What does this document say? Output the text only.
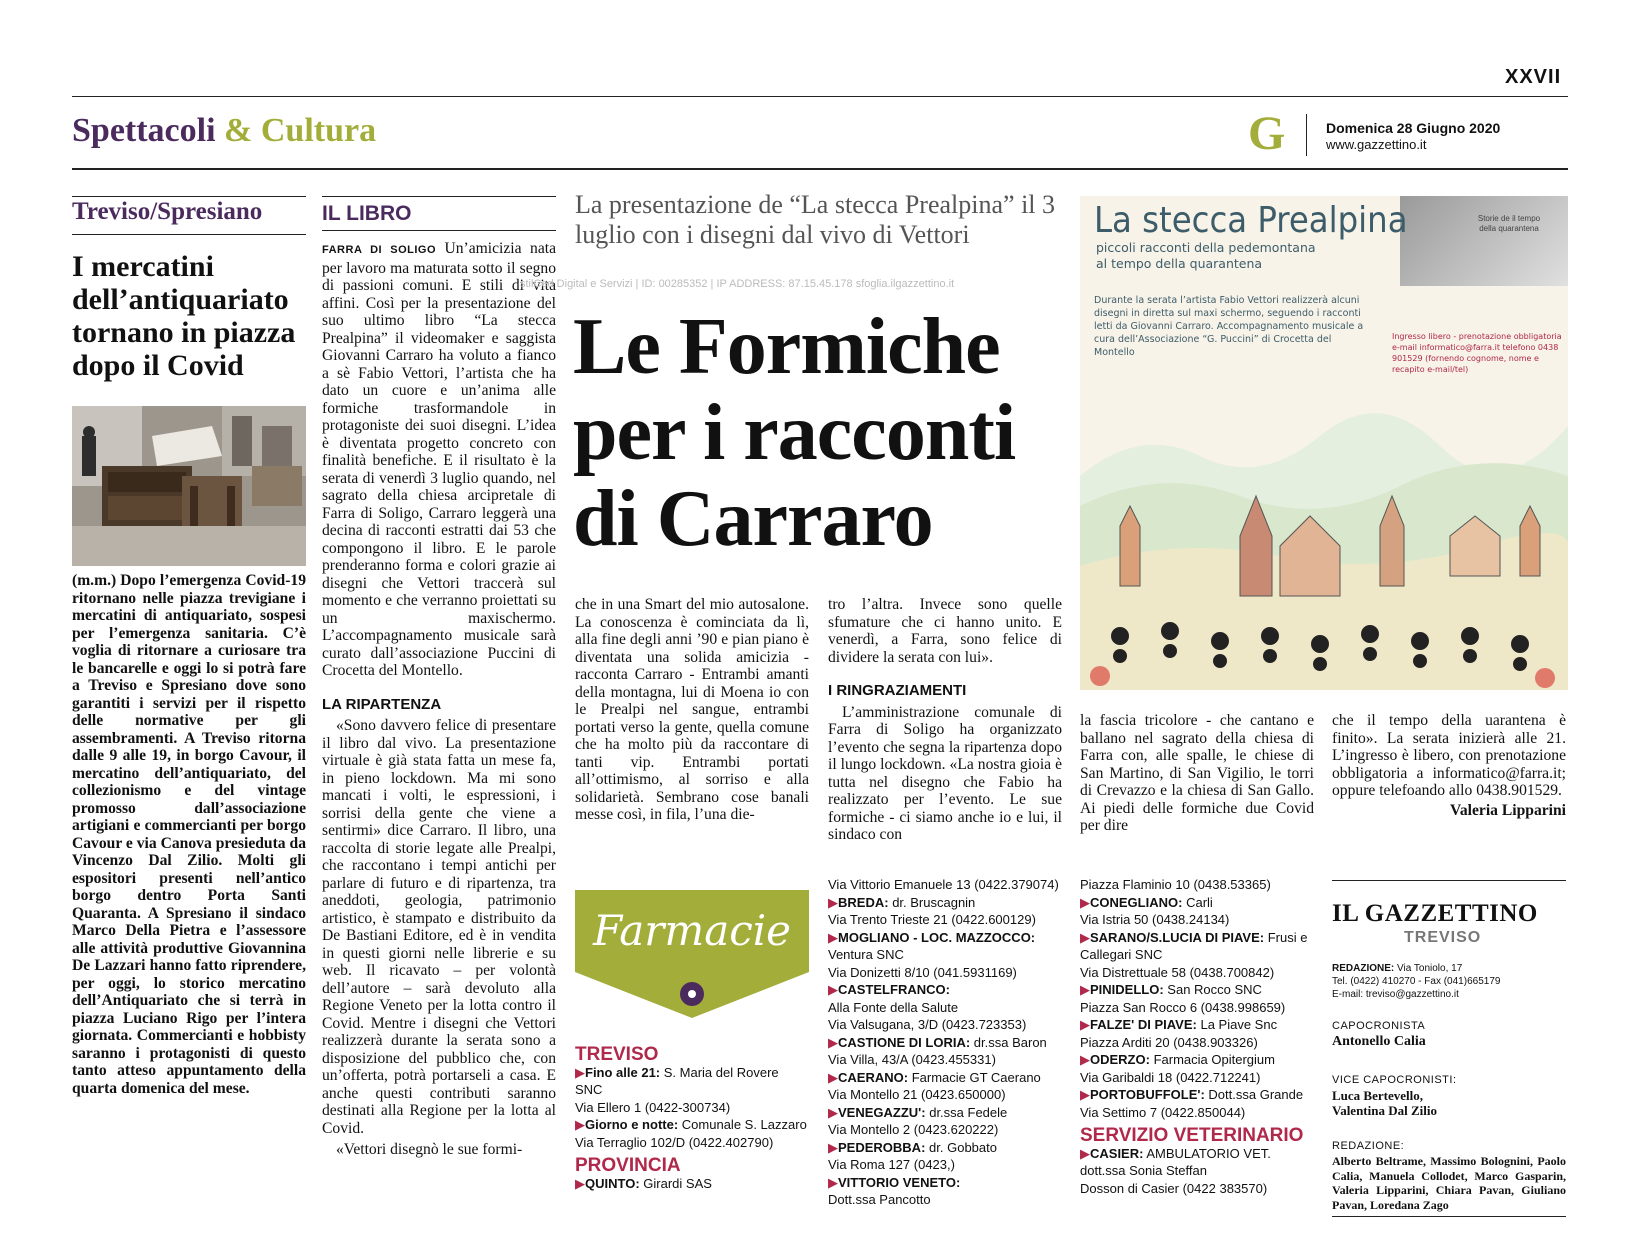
XXVII
Spettacoli & Cultura	G	Domenica 28 Giugno 2020
www.gazzettino.it
Treviso/Spresiano
I mercatini dell’antiquariato tornano in piazza dopo il Covid

(m.m.) Dopo l’emergenza Covid-19 ritornano nelle piazza trevigiane i mercatini di antiquariato, sospesi per l’emergenza sanitaria. C’è voglia di ritornare a curiosare tra le bancarelle e oggi lo si potrà fare a Treviso e Spresiano dove sono garantiti i servizi per il rispetto delle normative per gli assembramenti. A Treviso ritorna dalle 9 alle 19, in borgo Cavour, il mercatino dell’antiquariato, del collezionismo e del vintage promosso dall’associazione artigiani e commercianti per borgo Cavour e via Canova presieduta da Vincenzo Dal Zilio. Molti gli espositori presenti nell’antico borgo dentro Porta Santi Quaranta. A Spresiano il sindaco Marco Della Pietra e l’assessore alle attività produttive Giovannina De Lazzari hanno fatto riprendere, per oggi, lo storico mercatino dell’Antiquariato che si terrà in piazza Luciano Rigo per l’intera giornata. Commercianti e hobbisty saranno i protagonisti di questo tanto atteso appuntamento della quarta domenica del mese.

IL LIBRO

FARRA DI SOLIGO Un’amicizia nata per lavoro ma maturata sotto il segno di passioni comuni. E stili di vita affini. Così per la presentazione del suo ultimo libro “La stecca Prealpina” il videomaker e saggista Giovanni Carraro ha voluto a fianco a sè Fabio Vettori, l’artista che ha dato un cuore e un’anima alle formiche trasformandole in protagoniste dei suoi disegni. L’idea è diventata progetto concreto con finalità benefiche. E il risultato è la serata di venerdì 3 luglio quando, nel sagrato della chiesa arcipretale di Farra di Soligo, Carraro leggerà una decina di racconti estratti dai 53 che compongono il libro. E le parole prenderanno forma e colori grazie ai disegni che Vettori traccerà sul momento e che verranno proiettati su un maxischermo. L’accompagnamento musicale sarà curato dall’associazione Puccini di Crocetta del Montello.

LA RIPARTENZA

«Sono davvero felice di presentare il libro dal vivo. La presentazione virtuale è già stata fatta un mese fa, in pieno lockdown. Ma mi sono mancati i volti, le espressioni, i sorrisi della gente che viene a sentirmi» dice Carraro. Il libro, una raccolta di storie legate alle Prealpi, che raccontano i tempi antichi per parlare di futuro e di ripartenza, tra aneddoti, geologia, patrimonio artistico, è stampato e distribuito da De Bastiani Editore, ed è in vendita in questi giorni nelle librerie e su web. Il ricavato – per volontà dell’autore – sarà devoluto alla Regione Veneto per la lotta contro il Covid. Mentre i disegni che Vettori realizzerà durante la serata sono a disposizione del pubblico che, con un’offerta, potrà portarseli a casa. E anche questi contributi saranno destinati alla Regione per la lotta al Covid.

«Vettori disegnò le sue formi-

La presentazione de “La stecca Prealpina” il 3 luglio con i disegni dal vivo di Vettori
stilCed Digital e Servizi | ID: 00285352 | IP ADDRESS: 87.15.45.178 sfoglia.ilgazzettino.it
Le Formiche per i racconti di Carraro

che in una Smart del mio autosalone. La conoscenza è cominciata da lì, alla fine degli anni ’90 e pian piano è diventata una solida amicizia - racconta Carraro - Entrambi amanti della montagna, lui di Moena io con le Prealpi nel sangue, entrambi portati verso la gente, quella comune che ha molto più da raccontare di tanti vip. Entrambi portati all’ottimismo, al sorriso e alla solidarietà. Sembrano cose banali messe così, in fila, l’una die-

tro l’altra. Invece sono quelle sfumature che ci hanno unito. E venerdì, a Farra, sono felice di dividere la serata con lui».

I RINGRAZIAMENTI

L’amministrazione comunale di Farra di Soligo ha organizzato l’evento che segna la ripartenza dopo il lungo lockdown. «La nostra gioia è tutta nel disegno che Fabio ha realizzato per l’evento. Le sue formiche - ci siamo anche io e lui, il sindaco con

la fascia tricolore - che cantano e ballano nel sagrato della chiesa di Farra con, alle spalle, le chiese di San Martino, di San Vigilio, le torri di Crevazzo e la chiesa di San Gallo. Ai piedi delle formiche due Covid per dire

che il tempo della uarantena è finito». La serata inizierà alle 21. L’ingresso è libero, con prenotazione obbligatoria a informatico@farra.it; oppure telefoando allo 0438.901529.

Valeria Lipparini

Storie de il tempo della quarantena
La stecca Prealpina
piccoli racconti della pedemontana
al tempo della quarantena
Durante la serata l’artista Fabio Vettori realizzerà alcuni disegni in diretta sul maxi schermo, seguendo i racconti letti da Giovanni Carraro. Accompagnamento musicale a cura dell’Associazione “G. Puccini” di Crocetta del Montello
Ingresso libero - prenotazione obbligatoria e-mail informatico@farra.it telefono 0438 901529 (fornendo cognome, nome e recapito e-mail/tel)
Farmacie
TREVISO
▶Fino alle 21: S. Maria del Rovere SNC
Via Ellero 1 (0422-300734)
▶Giorno e notte: Comunale S. Lazzaro
Via Terraglio 102/D (0422.402790)
PROVINCIA
▶QUINTO: Girardi SAS
Via Vittorio Emanuele 13 (0422.379074)
▶BREDA: dr. Bruscagnin
Via Trento Trieste 21 (0422.600129)
▶MOGLIANO - LOC. MAZZOCCO:
Ventura SNC
Via Donizetti 8/10 (041.5931169)
▶CASTELFRANCO:
Alla Fonte della Salute
Via Valsugana, 3/D (0423.723353)
▶CASTIONE DI LORIA: dr.ssa Baron
Via Villa, 43/A (0423.455331)
▶CAERANO: Farmacie GT Caerano
Via Montello 21 (0423.650000)
▶VENEGAZZU': dr.ssa Fedele
Via Montello 2 (0423.620222)
▶PEDEROBBA: dr. Gobbato
Via Roma 127 (0423,)
▶VITTORIO VENETO:
Dott.ssa Pancotto
Piazza Flaminio 10 (0438.53365)
▶CONEGLIANO: Carli
Via Istria 50 (0438.24134)
▶SARANO/S.LUCIA DI PIAVE: Frusi e
Callegari SNC
Via Distrettuale 58 (0438.700842)
▶PINIDELLO: San Rocco SNC
Piazza San Rocco 6 (0438.998659)
▶FALZE' DI PIAVE: La Piave Snc
Piazza Arditi 20 (0438.903326)
▶ODERZO: Farmacia Opitergium
Via Garibaldi 18 (0422.712241)
▶PORTOBUFFOLE': Dott.ssa Grande
Via Settimo 7 (0422.850044)
SERVIZIO VETERINARIO
▶CASIER: AMBULATORIO VET.
dott.ssa Sonia Steffan
Dosson di Casier (0422 383570)
IL GAZZETTINO
TREVISO
REDAZIONE: Via Toniolo, 17
Tel. (0422) 410270 - Fax (041)665179
E-mail: treviso@gazzettino.it
CAPOCRONISTA
Antonello Calia
VICE CAPOCRONISTI:
Luca Bertevello,
Valentina Dal Zilio
REDAZIONE:
Alberto Beltrame, Massimo Bolognini, Paolo Calia, Manuela Collodet, Marco Gasparin, Valeria Lipparini, Chiara Pavan, Giuliano Pavan, Loredana Zago
